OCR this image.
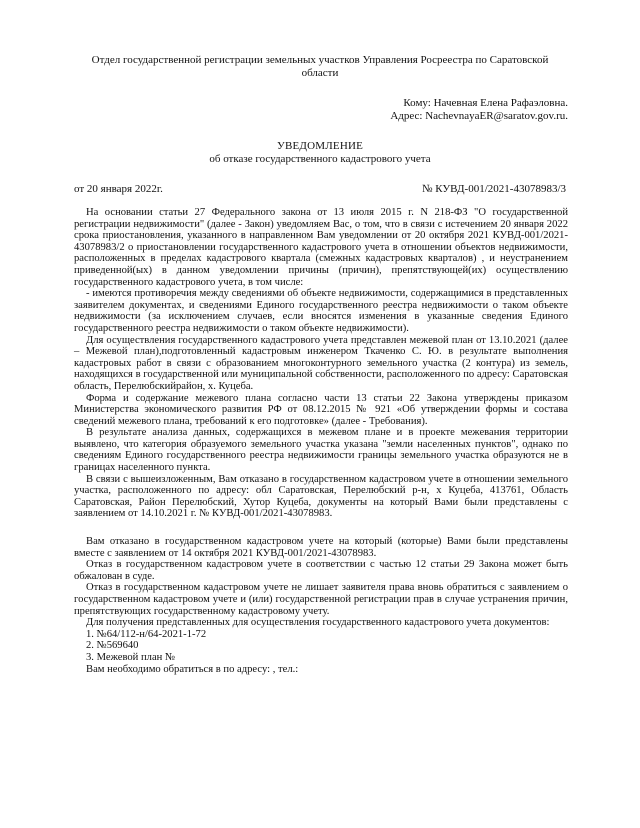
Отдел государственной регистрации земельных участков Управления Росреестра по Саратовской области
Кому: Начевная Елена Рафаэловна.
Адрес: NachevnayaER@saratov.gov.ru.
УВЕДОМЛЕНИЕ
об отказе государственного кадастрового учета
от 20 января 2022г.	№ КУВД-001/2021-43078983/3

На основании статьи 27 Федерального закона от 13 июля 2015 г. N 218-ФЗ "О государственной регистрации недвижимости" (далее - Закон) уведомляем Вас, о том, что в связи с истечением 20 января 2022 срока приостановления, указанного в направленном Вам уведомлении от 20 октября 2021 КУВД-001/2021-43078983/2 о приостановлении государственного кадастрового учета в отношении объектов недвижимости, расположенных в пределах кадастрового квартала (смежных кадастровых кварталов) , и неустранением приведенной(ых) в данном уведомлении причины (причин), препятствующей(их) осуществлению государственного кадастрового учета, в том числе:

- имеются противоречия между сведениями об объекте недвижимости, содержащимися в представленных заявителем документах, и сведениями Единого государственного реестра недвижимости о таком объекте недвижимости (за исключением случаев, если вносятся изменения в указанные сведения Единого государственного реестра недвижимости о таком объекте недвижимости).

Для осуществления государственного кадастрового учета представлен межевой план от 13.10.2021 (далее – Межевой план),подготовленный кадастровым инженером Ткаченко С. Ю. в результате выполнения кадастровых работ в связи с образованием многоконтурного земельного участка (2 контура) из земель, находящихся в государственной или муниципальной собственности, расположенного по адресу: Саратовская область, Перелюбскийрайон, х. Куцеба.

Форма и содержание межевого плана согласно части 13 статьи 22 Закона утверждены приказом Министерства экономического развития РФ от 08.12.2015 № 921 «Об утверждении формы и состава сведений межевого плана, требований к его подготовке» (далее - Требования).

В результате анализа данных, содержащихся в межевом плане и в проекте межевания территории выявлено, что категория образуемого земельного участка указана "земли населенных пунктов", однако по сведениям Единого государственного реестра недвижимости границы земельного участка образуются не в границах населенного пункта.

В связи с вышеизложенным, Вам отказано в государственном кадастровом учете в отношении земельного участка, расположенного по адресу: обл Саратовская, Перелюбский р-н, х Куцеба, 413761, Область Саратовская, Район Перелюбский, Хутор Куцеба, документы на который Вами были представлены с заявлением от 14.10.2021 г. № КУВД-001/2021-43078983.

Вам отказано в государственном кадастровом учете на который (которые) Вами были представлены вместе с заявлением от 14 октября 2021 КУВД-001/2021-43078983.

Отказ в государственном кадастровом учете в соответствии с частью 12 статьи 29 Закона может быть обжалован в суде.

Отказ в государственном кадастровом учете не лишает заявителя права вновь обратиться с заявлением о государственном кадастровом учете и (или) государственной регистрации прав в случае устранения причин, препятствующих государственному кадастровому учету.

Для получения представленных для осуществления государственного кадастрового учета документов:

1. №64/112-н/64-2021-1-72

2. №569640

3. Межевой план №

Вам необходимо обратиться в по адресу: , тел.:
